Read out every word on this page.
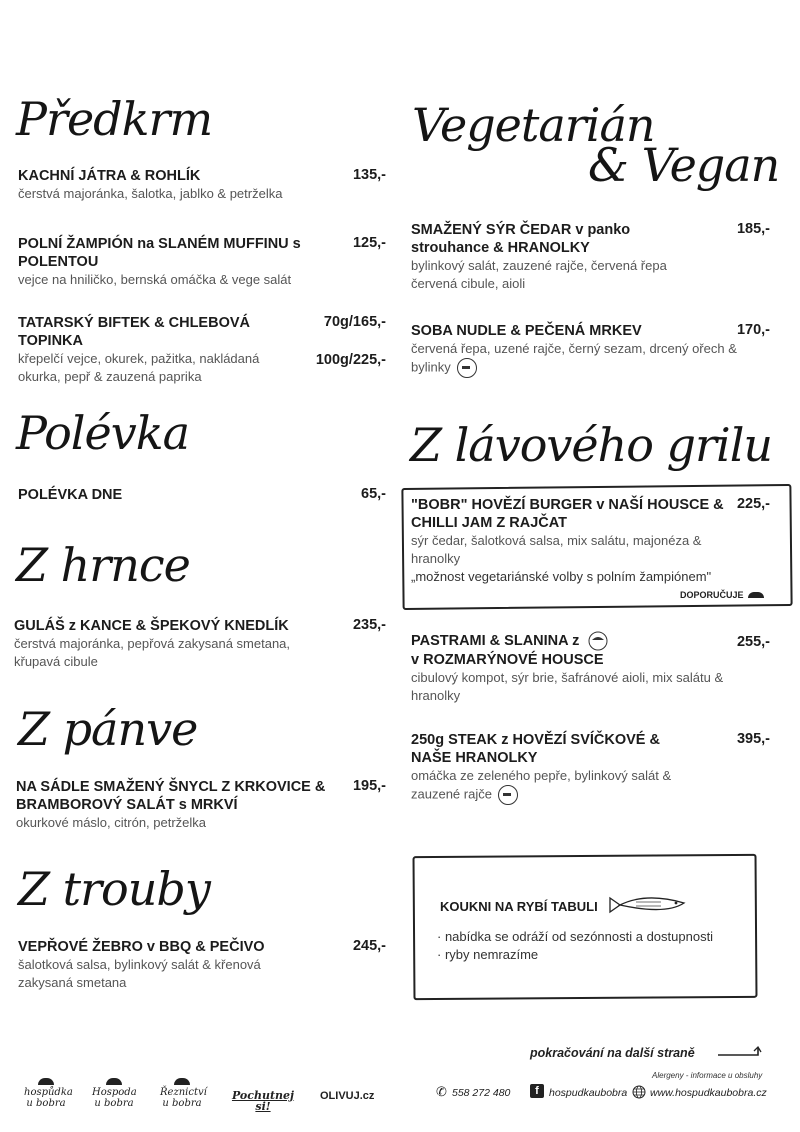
Předkrm
KACHNÍ JÁTRA & ROHLÍK
čerstvá majoránka, šalotka, jablko & petrželka
135,-
POLNÍ ŽAMPIÓN na SLANÉM MUFFINU s POLENTOU
vejce na hniličko, bernská omáčka & vege salát
125,-
TATARSKÝ BIFTEK & CHLEBOVÁ TOPINKA
křepelčí vejce, okurek, pažitka, nakládaná okurka, pepř & zauzená paprika
70g/165,-
100g/225,-
Polévka
POLÉVKA DNE	65,-
Z hrnce
GULÁŠ z KANCE & ŠPEKOVÝ KNEDLÍK
čerstvá majoránka, pepřová zakysaná smetana, křupavá cibule
235,-
Z pánve
NA SÁDLE SMAŽENÝ ŠNYCL Z KRKOVICE & BRAMBOROVÝ SALÁT s MRKVÍ
okurkové máslo, citrón, petrželka
195,-
Z trouby
VEPŘOVÉ ŽEBRO v BBQ & PEČIVO
šalotková salsa, bylinkový salát & křenová zakysaná smetana
245,-
Vegetarián
& Vegan
SMAŽENÝ SÝR ČEDAR v panko strouhance & HRANOLKY
bylinkový salát, zauzené rajče, červená řepa červená cibule, aioli
185,-
SOBA NUDLE & PEČENÁ MRKEV
červená řepa, uzené rajče, černý sezam, drcený ořech & bylinky
170,-
Z lávového grilu
"BOBR" HOVĚZÍ BURGER v NAŠÍ HOUSCE & CHILLI JAM Z RAJČAT
sýr čedar, šalotková salsa, mix salátu, majonéza & hranolky
„možnost vegetariánské volby s polním žampiónem"
225,-
DOPORUČUJE
PASTRAMI & SLANINA z
v ROZMARÝNOVÉ HOUSCE
cibulový kompot, sýr brie, šafránové aioli, mix salátu & hranolky
255,-
250g STEAK z HOVĚZÍ SVÍČKOVÉ & NAŠE HRANOLKY
omáčka ze zeleného pepře, bylinkový salát & zauzené rajče
395,-
KOUKNI NA RYBÍ TABULI
· nabídka se odráží od sezónnosti a dostupnosti
· ryby nemrazíme
pokračování na další straně
Alergeny - informace u obsluhy
hospůdka u bobra
Hospoda u bobra
Řeznictví u bobra
Pochutnej si!
OLIVUJ.cz	✆ 558 272 480	f hospudkaubobra www.hospudkaubobra.cz
